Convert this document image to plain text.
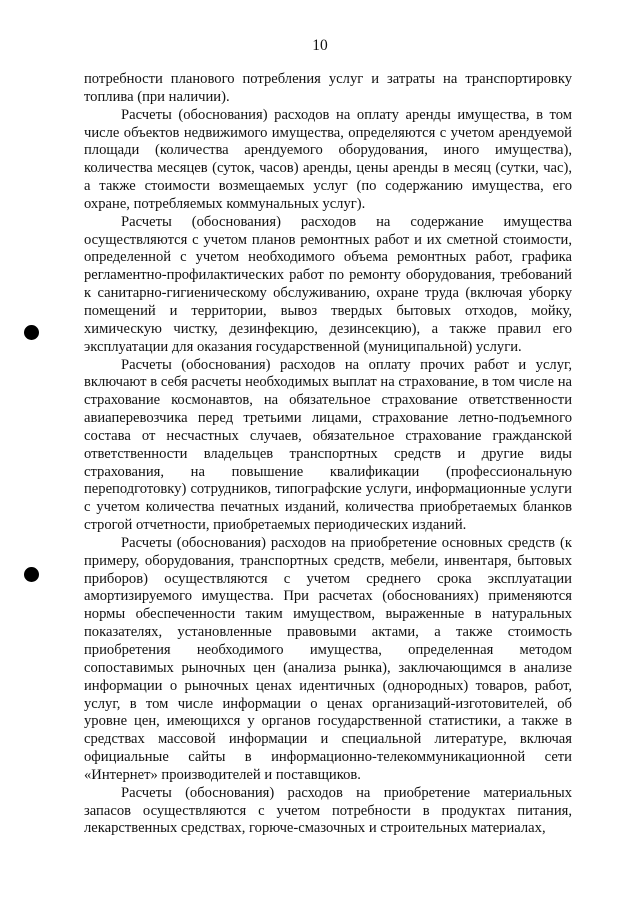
10

потребности планового потребления услуг и затраты на транспортировку топлива (при наличии).

Расчеты (обоснования) расходов на оплату аренды имущества, в том числе объектов недвижимого имущества, определяются с учетом арендуемой площади (количества арендуемого оборудования, иного имущества), количества месяцев (суток, часов) аренды, цены аренды в месяц (сутки, час), а также стоимости возмещаемых услуг (по содержанию имущества, его охране, потребляемых коммунальных услуг).

Расчеты (обоснования) расходов на содержание имущества осуществляются с учетом планов ремонтных работ и их сметной стоимости, определенной с учетом необходимого объема ремонтных работ, графика регламентно-профилактических работ по ремонту оборудования, требований к санитарно-гигиеническому обслуживанию, охране труда (включая уборку помещений и территории, вывоз твердых бытовых отходов, мойку, химическую чистку, дезинфекцию, дезинсекцию), а также правил его эксплуатации для оказания государственной (муниципальной) услуги.

Расчеты (обоснования) расходов на оплату прочих работ и услуг, включают в себя расчеты необходимых выплат на страхование, в том числе на страхование космонавтов, на обязательное страхование ответственности авиаперевозчика перед третьими лицами, страхование летно-подъемного состава от несчастных случаев, обязательное страхование гражданской ответственности владельцев транспортных средств и другие виды страхования, на повышение квалификации (профессиональную переподготовку) сотрудников, типографские услуги, информационные услуги с учетом количества печатных изданий, количества приобретаемых бланков строгой отчетности, приобретаемых периодических изданий.

Расчеты (обоснования) расходов на приобретение основных средств (к примеру, оборудования, транспортных средств, мебели, инвентаря, бытовых приборов) осуществляются с учетом среднего срока эксплуатации амортизируемого имущества. При расчетах (обоснованиях) применяются нормы обеспеченности таким имуществом, выраженные в натуральных показателях, установленные правовыми актами, а также стоимость приобретения необходимого имущества, определенная методом сопоставимых рыночных цен (анализа рынка), заключающимся в анализе информации о рыночных ценах идентичных (однородных) товаров, работ, услуг, в том числе информации о ценах организаций-изготовителей, об уровне цен, имеющихся у органов государственной статистики, а также в средствах массовой информации и специальной литературе, включая официальные сайты в информационно-телекоммуникационной сети «Интернет» производителей и поставщиков.

Расчеты (обоснования) расходов на приобретение материальных запасов осуществляются с учетом потребности в продуктах питания, лекарственных средствах, горюче-смазочных и строительных материалах,
